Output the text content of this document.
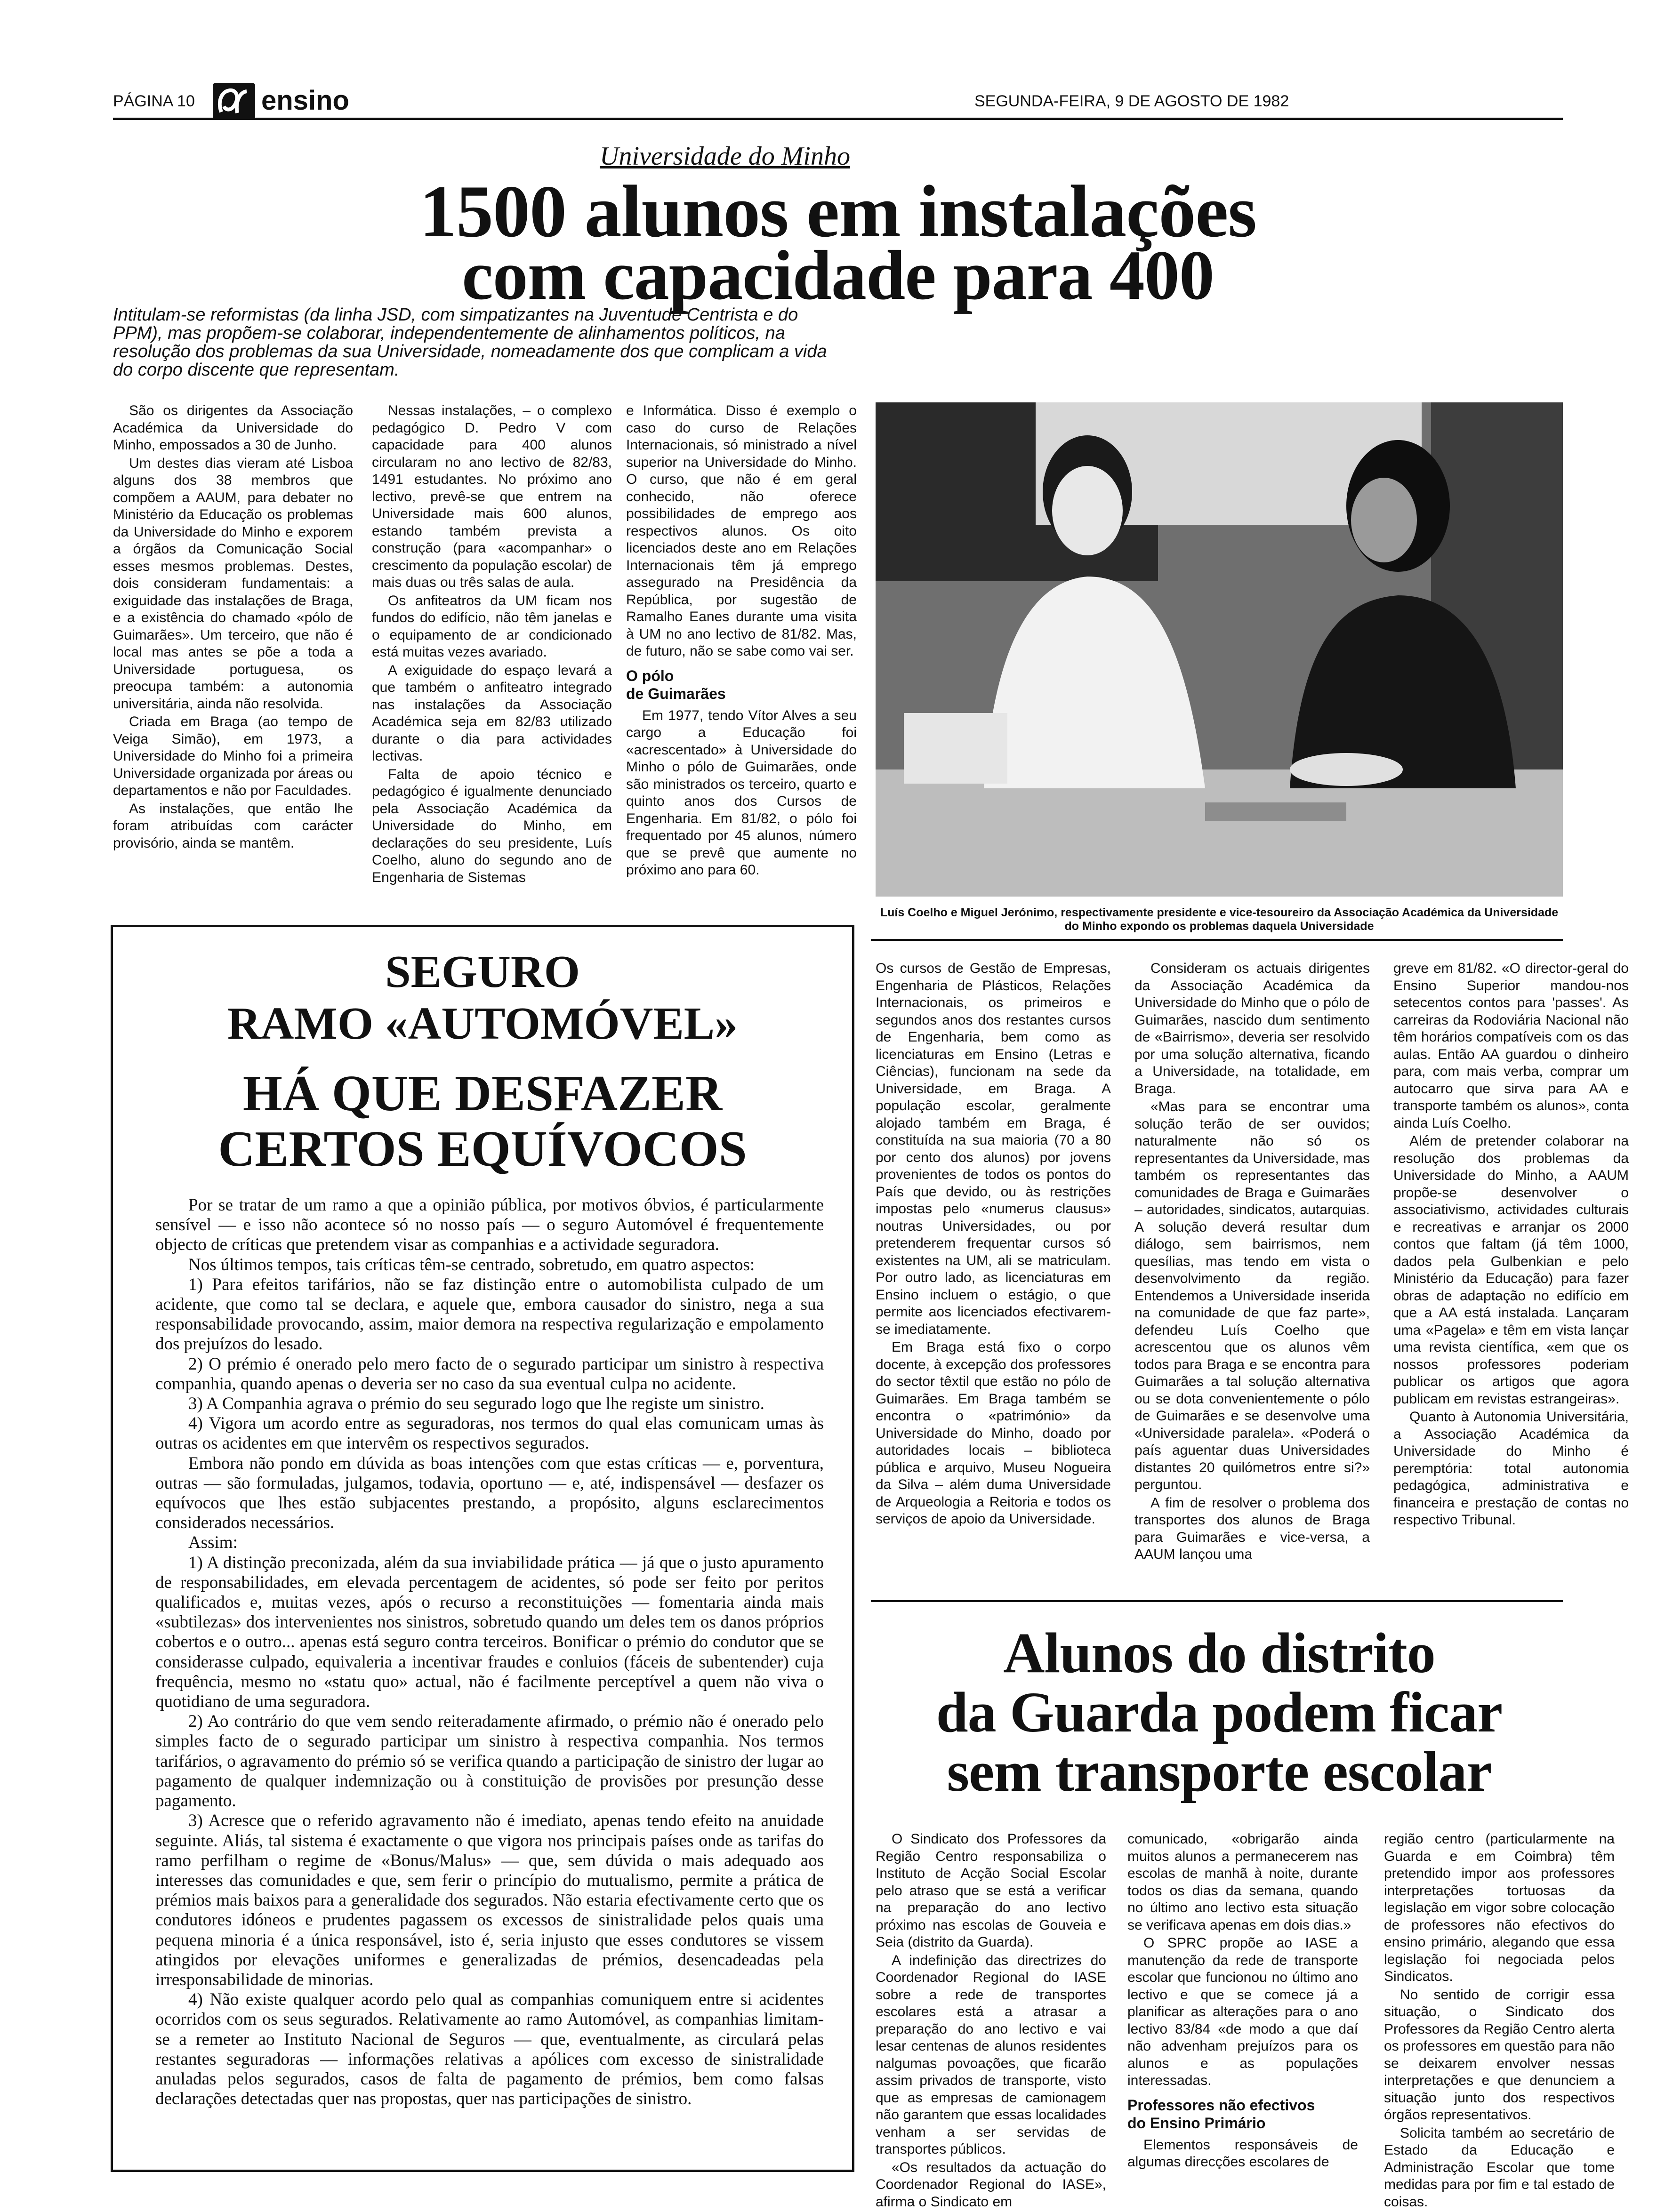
PÁGINA 10 ensino	SEGUNDA-FEIRA, 9 DE AGOSTO DE 1982
Universidade do Minho
1500 alunos em instalações
com capacidade para 400
Intitulam-se reformistas (da linha JSD, com simpatizantes na Juventude Centrista e do PPM), mas propõem-se colaborar, independentemente de alinhamentos políticos, na resolução dos problemas da sua Universidade, nomeadamente dos que complicam a vida do corpo discente que representam.

São os dirigentes da Associação Académica da Universidade do Minho, empossados a 30 de Junho.

Um destes dias vieram até Lisboa alguns dos 38 membros que compõem a AAUM, para debater no Ministério da Educação os problemas da Universidade do Minho e exporem a órgãos da Comunicação Social esses mesmos problemas. Destes, dois consideram fundamentais: a exiguidade das instalações de Braga, e a existência do chamado «pólo de Guimarães». Um terceiro, que não é local mas antes se põe a toda a Universidade portuguesa, os preocupa também: a autonomia universitária, ainda não resolvida.

Criada em Braga (ao tempo de Veiga Simão), em 1973, a Universidade do Minho foi a primeira Universidade organizada por áreas ou departamentos e não por Faculdades.

As instalações, que então lhe foram atribuídas com carácter provisório, ainda se mantêm.

Nessas instalações, – o complexo pedagógico D. Pedro V com capacidade para 400 alunos circularam no ano lectivo de 82/83, 1491 estudantes. No próximo ano lectivo, prevê-se que entrem na Universidade mais 600 alunos, estando também prevista a construção (para «acompanhar» o crescimento da população escolar) de mais duas ou três salas de aula.

Os anfiteatros da UM ficam nos fundos do edifício, não têm janelas e o equipamento de ar condicionado está muitas vezes avariado.

A exiguidade do espaço levará a que também o anfiteatro integrado nas instalações da Associação Académica seja em 82/83 utilizado durante o dia para actividades lectivas.

Falta de apoio técnico e pedagógico é igualmente denunciado pela Associação Académica da Universidade do Minho, em declarações do seu presidente, Luís Coelho, aluno do segundo ano de Engenharia de Sistemas

e Informática. Disso é exemplo o caso do curso de Relações Internacionais, só ministrado a nível superior na Universidade do Minho. O curso, que não é em geral conhecido, não oferece possibilidades de emprego aos respectivos alunos. Os oito licenciados deste ano em Relações Internacionais têm já emprego assegurado na Presidência da República, por sugestão de Ramalho Eanes durante uma visita à UM no ano lectivo de 81/82. Mas, de futuro, não se sabe como vai ser.

O pólo
de Guimarães

Em 1977, tendo Vítor Alves a seu cargo a Educação foi «acrescentado» à Universidade do Minho o pólo de Guimarães, onde são ministrados os terceiro, quarto e quinto anos dos Cursos de Engenharia. Em 81/82, o pólo foi frequentado por 45 alunos, número que se prevê que aumente no próximo ano para 60.

Luís Coelho e Miguel Jerónimo, respectivamente presidente e vice-tesoureiro da Associação Académica da Universidade do Minho expondo os problemas daquela Universidade

Os cursos de Gestão de Empresas, Engenharia de Plásticos, Relações Internacionais, os primeiros e segundos anos dos restantes cursos de Engenharia, bem como as licenciaturas em Ensino (Letras e Ciências), funcionam na sede da Universidade, em Braga. A população escolar, geralmente alojado também em Braga, é constituída na sua maioria (70 a 80 por cento dos alunos) por jovens provenientes de todos os pontos do País que devido, ou às restrições impostas pelo «numerus clausus» noutras Universidades, ou por pretenderem frequentar cursos só existentes na UM, ali se matriculam. Por outro lado, as licenciaturas em Ensino incluem o estágio, o que permite aos licenciados efectivarem-se imediatamente.

Em Braga está fixo o corpo docente, à excepção dos professores do sector têxtil que estão no pólo de Guimarães. Em Braga também se encontra o «património» da Universidade do Minho, doado por autoridades locais – biblioteca pública e arquivo, Museu Nogueira da Silva – além duma Universidade de Arqueologia a Reitoria e todos os serviços de apoio da Universidade.

Consideram os actuais dirigentes da Associação Académica da Universidade do Minho que o pólo de Guimarães, nascido dum sentimento de «Bairrismo», deveria ser resolvido por uma solução alternativa, ficando a Universidade, na totalidade, em Braga.

«Mas para se encontrar uma solução terão de ser ouvidos; naturalmente não só os representantes da Universidade, mas também os representantes das comunidades de Braga e Guimarães – autoridades, sindicatos, autarquias. A solução deverá resultar dum diálogo, sem bairrismos, nem quesílias, mas tendo em vista o desenvolvimento da região. Entendemos a Universidade inserida na comunidade de que faz parte», defendeu Luís Coelho que acrescentou que os alunos vêm todos para Braga e se encontra para Guimarães a tal solução alternativa ou se dota convenientemente o pólo de Guimarães e se desenvolve uma «Universidade paralela». «Poderá o país aguentar duas Universidades distantes 20 quilómetros entre si?» perguntou.

A fim de resolver o problema dos transportes dos alunos de Braga para Guimarães e vice-versa, a AAUM lançou uma

greve em 81/82. «O director-geral do Ensino Superior mandou-nos setecentos contos para 'passes'. As carreiras da Rodoviária Nacional não têm horários compatíveis com os das aulas. Então AA guardou o dinheiro para, com mais verba, comprar um autocarro que sirva para AA e transporte também os alunos», conta ainda Luís Coelho.

Além de pretender colaborar na resolução dos problemas da Universidade do Minho, a AAUM propõe-se desenvolver o associativismo, actividades culturais e recreativas e arranjar os 2000 contos que faltam (já têm 1000, dados pela Gulbenkian e pelo Ministério da Educação) para fazer obras de adaptação no edifício em que a AA está instalada. Lançaram uma «Pagela» e têm em vista lançar uma revista científica, «em que os nossos professores poderiam publicar os artigos que agora publicam em revistas estrangeiras».

Quanto à Autonomia Universitária, a Associação Académica da Universidade do Minho é peremptória: total autonomia pedagógica, administrativa e financeira e prestação de contas no respectivo Tribunal.

SEGURO
RAMO «AUTOMÓVEL»
HÁ QUE DESFAZER
CERTOS EQUÍVOCOS

Por se tratar de um ramo a que a opinião pública, por motivos óbvios, é particularmente sensível — e isso não acontece só no nosso país — o seguro Automóvel é frequentemente objecto de críticas que pretendem visar as companhias e a actividade seguradora.

Nos últimos tempos, tais críticas têm-se centrado, sobretudo, em quatro aspectos:

1) Para efeitos tarifários, não se faz distinção entre o automobilista culpado de um acidente, que como tal se declara, e aquele que, embora causador do sinistro, nega a sua responsabilidade provocando, assim, maior demora na respectiva regularização e empolamento dos prejuízos do lesado.

2) O prémio é onerado pelo mero facto de o segurado participar um sinistro à respectiva companhia, quando apenas o deveria ser no caso da sua eventual culpa no acidente.

3) A Companhia agrava o prémio do seu segurado logo que lhe registe um sinistro.

4) Vigora um acordo entre as seguradoras, nos termos do qual elas comunicam umas às outras os acidentes em que intervêm os respectivos segurados.

Embora não pondo em dúvida as boas intenções com que estas críticas — e, porventura, outras — são formuladas, julgamos, todavia, oportuno — e, até, indispensável — desfazer os equívocos que lhes estão subjacentes prestando, a propósito, alguns esclarecimentos considerados necessários.

Assim:

1) A distinção preconizada, além da sua inviabilidade prática — já que o justo apuramento de responsabilidades, em elevada percentagem de acidentes, só pode ser feito por peritos qualificados e, muitas vezes, após o recurso a reconstituições — fomentaria ainda mais «subtilezas» dos intervenientes nos sinistros, sobretudo quando um deles tem os danos próprios cobertos e o outro... apenas está seguro contra terceiros. Bonificar o prémio do condutor que se considerasse culpado, equivaleria a incentivar fraudes e conluios (fáceis de subentender) cuja frequência, mesmo no «statu quo» actual, não é facilmente perceptível a quem não viva o quotidiano de uma seguradora.

2) Ao contrário do que vem sendo reiteradamente afirmado, o prémio não é onerado pelo simples facto de o segurado participar um sinistro à respectiva companhia. Nos termos tarifários, o agravamento do prémio só se verifica quando a participação de sinistro der lugar ao pagamento de qualquer indemnização ou à constituição de provisões por presunção desse pagamento.

3) Acresce que o referido agravamento não é imediato, apenas tendo efeito na anuidade seguinte. Aliás, tal sistema é exactamente o que vigora nos principais países onde as tarifas do ramo perfilham o regime de «Bonus/Malus» — que, sem dúvida o mais adequado aos interesses das comunidades e que, sem ferir o princípio do mutualismo, permite a prática de prémios mais baixos para a generalidade dos segurados. Não estaria efectivamente certo que os condutores idóneos e prudentes pagassem os excessos de sinistralidade pelos quais uma pequena minoria é a única responsável, isto é, seria injusto que esses condutores se vissem atingidos por elevações uniformes e generalizadas de prémios, desencadeadas pela irresponsabilidade de minorias.

4) Não existe qualquer acordo pelo qual as companhias comuniquem entre si acidentes ocorridos com os seus segurados. Relativamente ao ramo Automóvel, as companhias limitam-se a remeter ao Instituto Nacional de Seguros — que, eventualmente, as circulará pelas restantes seguradoras — informações relativas a apólices com excesso de sinistralidade anuladas pelos segurados, casos de falta de pagamento de prémios, bem como falsas declarações detectadas quer nas propostas, quer nas participações de sinistro.

Alunos do distrito
da Guarda podem ficar
sem transporte escolar

O Sindicato dos Professores da Região Centro responsabiliza o Instituto de Acção Social Escolar pelo atraso que se está a verificar na preparação do ano lectivo próximo nas escolas de Gouveia e Seia (distrito da Guarda).

A indefinição das directrizes do Coordenador Regional do IASE sobre a rede de transportes escolares está a atrasar a preparação do ano lectivo e vai lesar centenas de alunos residentes nalgumas povoações, que ficarão assim privados de transporte, visto que as empresas de camionagem não garantem que essas localidades venham a ser servidas de transportes públicos.

«Os resultados da actuação do Coordenador Regional do IASE», afirma o Sindicato em

comunicado, «obrigarão ainda muitos alunos a permanecerem nas escolas de manhã à noite, durante todos os dias da semana, quando no último ano lectivo esta situação se verificava apenas em dois dias.»

O SPRC propõe ao IASE a manutenção da rede de transporte escolar que funcionou no último ano lectivo e que se comece já a planificar as alterações para o ano lectivo 83/84 «de modo a que daí não advenham prejuízos para os alunos e as populações interessadas.

Professores não efectivos
do Ensino Primário

Elementos responsáveis de algumas direcções escolares de

região centro (particularmente na Guarda e em Coimbra) têm pretendido impor aos professores interpretações tortuosas da legislação em vigor sobre colocação de professores não efectivos do ensino primário, alegando que essa legislação foi negociada pelos Sindicatos.

No sentido de corrigir essa situação, o Sindicato dos Professores da Região Centro alerta os professores em questão para não se deixarem envolver nessas interpretações e que denunciem a situação junto dos respectivos órgãos representativos.

Solicita também ao secretário de Estado da Educação e Administração Escolar que tome medidas para por fim e tal estado de coisas.
